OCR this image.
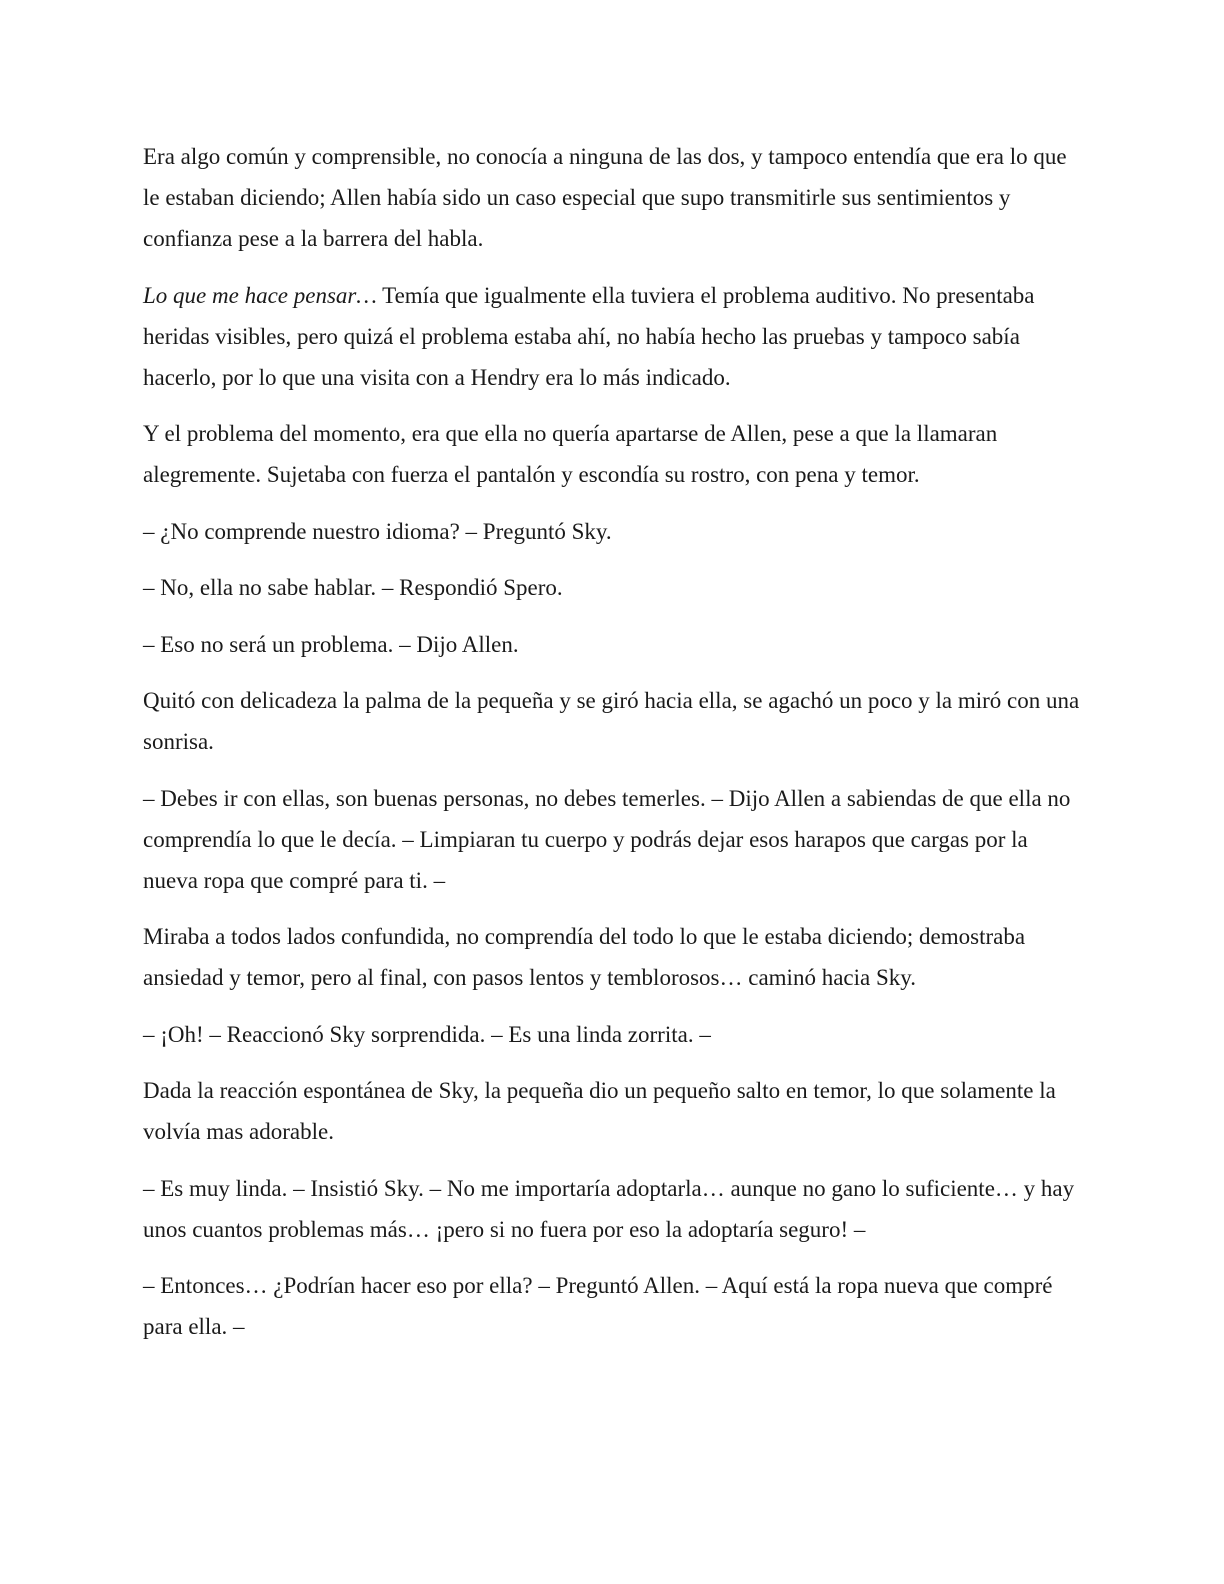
Era algo común y comprensible, no conocía a ninguna de las dos, y tampoco entendía que era lo que le estaban diciendo; Allen había sido un caso especial que supo transmitirle sus sentimientos y confianza pese a la barrera del habla.

Lo que me hace pensar… Temía que igualmente ella tuviera el problema auditivo. No presentaba heridas visibles, pero quizá el problema estaba ahí, no había hecho las pruebas y tampoco sabía hacerlo, por lo que una visita con a Hendry era lo más indicado.

Y el problema del momento, era que ella no quería apartarse de Allen, pese a que la llamaran alegremente. Sujetaba con fuerza el pantalón y escondía su rostro, con pena y temor.

– ¿No comprende nuestro idioma? – Preguntó Sky.

– No, ella no sabe hablar. – Respondió Spero.

– Eso no será un problema. – Dijo Allen.

Quitó con delicadeza la palma de la pequeña y se giró hacia ella, se agachó un poco y la miró con una sonrisa.

– Debes ir con ellas, son buenas personas, no debes temerles. – Dijo Allen a sabiendas de que ella no comprendía lo que le decía. – Limpiaran tu cuerpo y podrás dejar esos harapos que cargas por la nueva ropa que compré para ti. –

Miraba a todos lados confundida, no comprendía del todo lo que le estaba diciendo; demostraba ansiedad y temor, pero al final, con pasos lentos y temblorosos… caminó hacia Sky.

– ¡Oh! – Reaccionó Sky sorprendida. – Es una linda zorrita. –

Dada la reacción espontánea de Sky, la pequeña dio un pequeño salto en temor, lo que solamente la volvía mas adorable.

– Es muy linda. – Insistió Sky. – No me importaría adoptarla… aunque no gano lo suficiente… y hay unos cuantos problemas más… ¡pero si no fuera por eso la adoptaría seguro! –

– Entonces… ¿Podrían hacer eso por ella? – Preguntó Allen. – Aquí está la ropa nueva que compré para ella. –
